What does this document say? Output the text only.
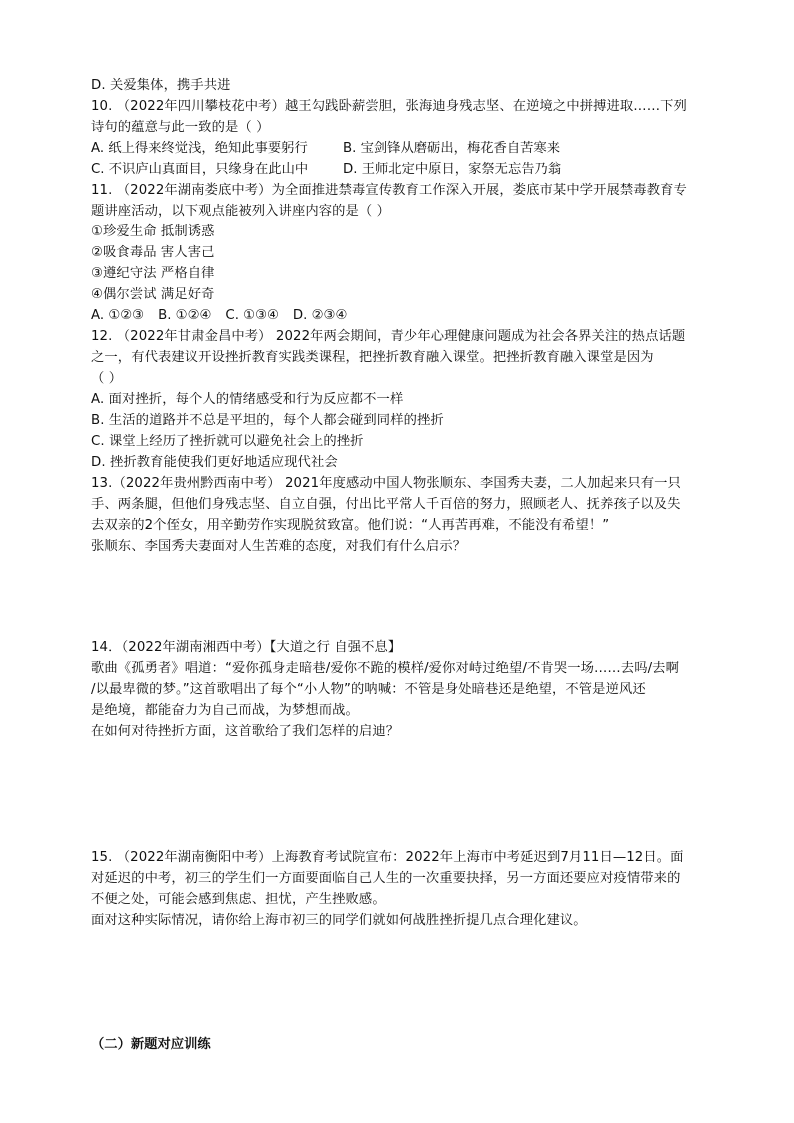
D. 关爱集体，携手共进
10. （2022年四川攀枝花中考）越王勾践卧薪尝胆，张海迪身残志坚、在逆境之中拼搏进取……下列
诗句的蕴意与此一致的是（ ）
A. 纸上得来终觉浅，绝知此事要躬行	B. 宝剑锋从磨砺出，梅花香自苦寒来
C. 不识庐山真面目，只缘身在此山中	D. 王师北定中原日，家祭无忘告乃翁
11. （2022年湖南娄底中考）为全面推进禁毒宣传教育工作深入开展，娄底市某中学开展禁毒教育专
题讲座活动，以下观点能被列入讲座内容的是（ ）
①珍爱生命 抵制诱惑
②吸食毒品 害人害己
③遵纪守法 严格自律
④偶尔尝试 满足好奇
A. ①②③ B. ①②④ C. ①③④ D. ②③④
12. （2022年甘肃金昌中考） 2022年两会期间，青少年心理健康问题成为社会各界关注的热点话题
之一，有代表建议开设挫折教育实践类课程，把挫折教育融入课堂。把挫折教育融入课堂是因为
（ ）
A. 面对挫折，每个人的情绪感受和行为反应都不一样
B. 生活的道路并不总是平坦的，每个人都会碰到同样的挫折
C. 课堂上经历了挫折就可以避免社会上的挫折
D. 挫折教育能使我们更好地适应现代社会
13.（2022年贵州黔西南中考） 2021年度感动中国人物张顺东、李国秀夫妻，二人加起来只有一只
手、两条腿，但他们身残志坚、自立自强，付出比平常人千百倍的努力，照顾老人、抚养孩子以及失
去双亲的2个侄女，用辛勤劳作实现脱贫致富。他们说：“人再苦再难，不能没有希望！”
张顺东、李国秀夫妻面对人生苦难的态度，对我们有什么启示？
14．（2022年湖南湘西中考）【大道之行 自强不息】
歌曲《孤勇者》唱道：“爱你孤身走暗巷/爱你不跪的模样/爱你对峙过绝望/不肯哭一场……去吗/去啊
/以最卑微的梦。”这首歌唱出了每个“小人物”的呐喊：不管是身处暗巷还是绝望，不管是逆风还
是绝境，都能奋力为自己而战，为梦想而战。
在如何对待挫折方面，这首歌给了我们怎样的启迪？
15. （2022年湖南衡阳中考）上海教育考试院宣布：2022年上海市中考延迟到7月11日—12日。面
对延迟的中考，初三的学生们一方面要面临自己人生的一次重要抉择，另一方面还要应对疫情带来的
不便之处，可能会感到焦虑、担忧，产生挫败感。
面对这种实际情况，请你给上海市初三的同学们就如何战胜挫折提几点合理化建议。
（二）新题对应训练
